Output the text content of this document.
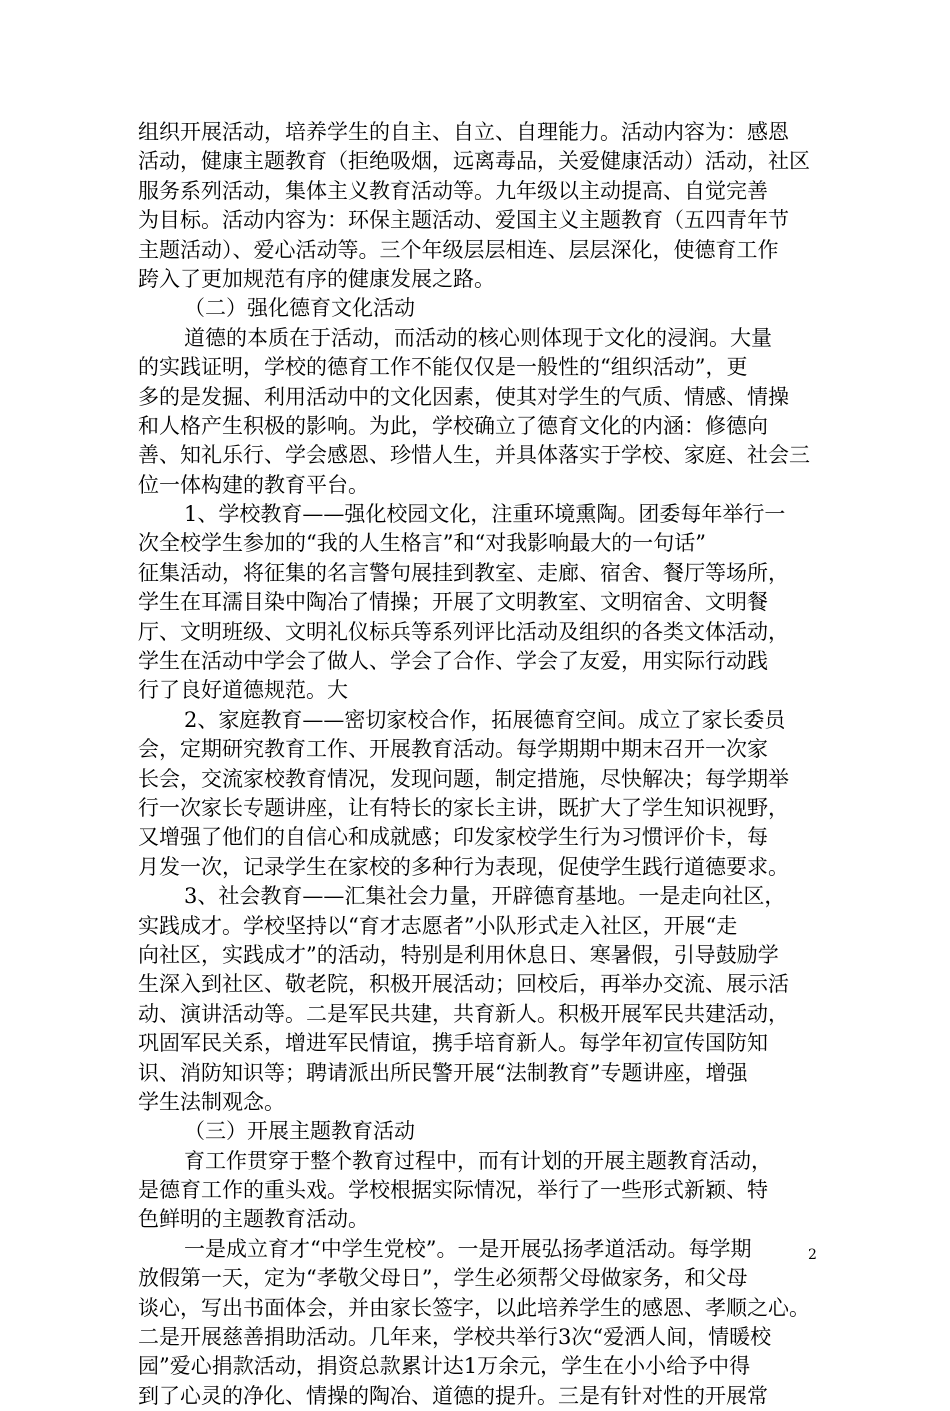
组织开展活动，培养学生的自主、自立、自理能力。活动内容为：感恩
活动，健康主题教育（拒绝吸烟，远离毒品，关爱健康活动）活动，社区
服务系列活动，集体主义教育活动等。九年级以主动提高、自觉完善
为目标。活动内容为：环保主题活动、爱国主义主题教育（五四青年节
主题活动）、爱心活动等。三个年级层层相连、层层深化，使德育工作
跨入了更加规范有序的健康发展之路。
（二）强化德育文化活动
道德的本质在于活动，而活动的核心则体现于文化的浸润。大量
的实践证明，学校的德育工作不能仅仅是一般性的“组织活动”，更
多的是发掘、利用活动中的文化因素，使其对学生的气质、情感、情操
和人格产生积极的影响。为此，学校确立了德育文化的内涵：修德向
善、知礼乐行、学会感恩、珍惜人生，并具体落实于学校、家庭、社会三
位一体构建的教育平台。
1、学校教育——强化校园文化，注重环境熏陶。团委每年举行一
次全校学生参加的“我的人生格言”和“对我影响最大的一句话”
征集活动，将征集的名言警句展挂到教室、走廊、宿舍、餐厅等场所，
学生在耳濡目染中陶冶了情操；开展了文明教室、文明宿舍、文明餐
厅、文明班级、文明礼仪标兵等系列评比活动及组织的各类文体活动，
学生在活动中学会了做人、学会了合作、学会了友爱，用实际行动践
行了良好道德规范。大
2、家庭教育——密切家校合作，拓展德育空间。成立了家长委员
会，定期研究教育工作、开展教育活动。每学期期中期末召开一次家
长会，交流家校教育情况，发现问题，制定措施，尽快解决；每学期举
行一次家长专题讲座，让有特长的家长主讲，既扩大了学生知识视野，
又增强了他们的自信心和成就感；印发家校学生行为习惯评价卡，每
月发一次，记录学生在家校的多种行为表现，促使学生践行道德要求。
3、社会教育——汇集社会力量，开辟德育基地。一是走向社区，
实践成才。学校坚持以“育才志愿者”小队形式走入社区，开展“走
向社区，实践成才”的活动，特别是利用休息日、寒暑假，引导鼓励学
生深入到社区、敬老院，积极开展活动；回校后，再举办交流、展示活
动、演讲活动等。二是军民共建，共育新人。积极开展军民共建活动，
巩固军民关系，增进军民情谊，携手培育新人。每学年初宣传国防知
识、消防知识等；聘请派出所民警开展“法制教育”专题讲座，增强
学生法制观念。
（三）开展主题教育活动
育工作贯穿于整个教育过程中，而有计划的开展主题教育活动，
是德育工作的重头戏。学校根据实际情况，举行了一些形式新颖、特
色鲜明的主题教育活动。
一是成立育才“中学生党校”。一是开展弘扬孝道活动。每学期
放假第一天，定为“孝敬父母日”，学生必须帮父母做家务，和父母
谈心，写出书面体会，并由家长签字，以此培养学生的感恩、孝顺之心。
二是开展慈善捐助活动。几年来，学校共举行3次“爱洒人间，情暖校
园”爱心捐款活动，捐资总款累计达1万余元，学生在小小给予中得
到了心灵的净化、情操的陶冶、道德的提升。三是有针对性的开展常
2
